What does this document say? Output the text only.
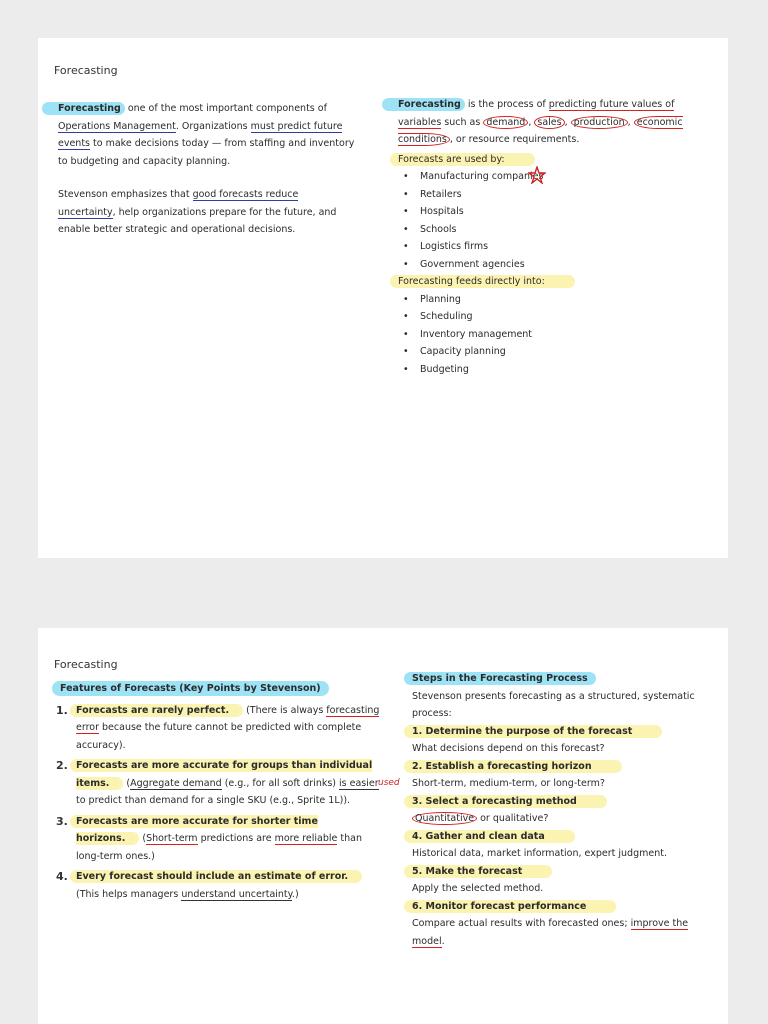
Forecasting
Forecasting one of the most important components of Operations Management. Organizations must predict future events to make decisions today — from staffing and inventory to budgeting and capacity planning.
Stevenson emphasizes that good forecasts reduce uncertainty, help organizations prepare for the future, and enable better strategic and operational decisions.
Forecasting is the process of predicting future values of variables such as demand , sales , production , economic conditions , or resource requirements.
Forecasts are used by:
• Manufacturing companies
• Retailers
• Hospitals
• Schools
• Logistics firms
• Government agencies
Forecasting feeds directly into:
• Planning
• Scheduling
• Inventory management
• Capacity planning
• Budgeting
Forecasting
Features of Forecasts (Key Points by Stevenson)
1. Forecasts are rarely perfect. (There is always forecasting error because the future cannot be predicted with complete accuracy).
2. Forecasts are more accurate for groups than individual items. (Aggregate demand (e.g., for all soft drinks) is easier to predict than demand for a single SKU (e.g., Sprite 1L)).
3. Forecasts are more accurate for shorter time horizons. (Short-term predictions are more reliable than long-term ones.)
4. Every forecast should include an estimate of error. (This helps managers understand uncertainty.)
used
Steps in the Forecasting Process
Stevenson presents forecasting as a structured, systematic process:
1. Determine the purpose of the forecast
What decisions depend on this forecast?
2. Establish a forecasting horizon
Short-term, medium-term, or long-term?
3. Select a forecasting method
Quantitative or qualitative?
4. Gather and clean data
Historical data, market information, expert judgment.
5. Make the forecast
Apply the selected method.
6. Monitor forecast performance
Compare actual results with forecasted ones; improve the model.
